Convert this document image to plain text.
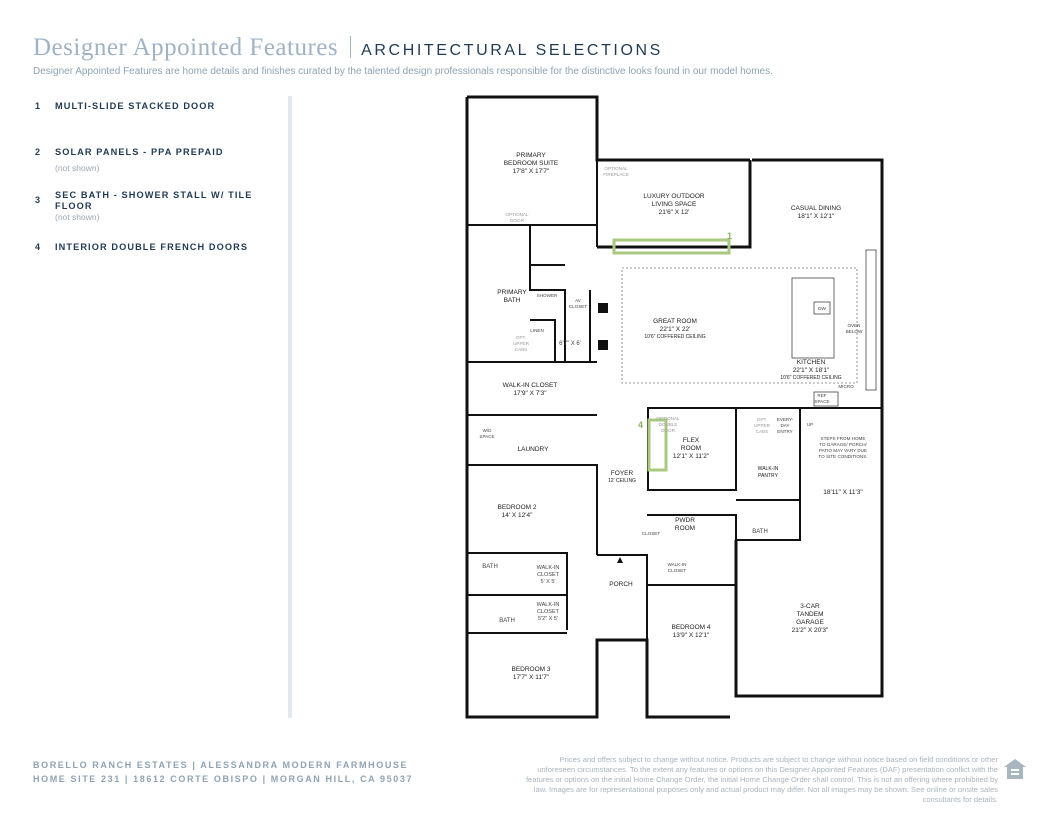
Designer Appointed Features ARCHITECTURAL SELECTIONS
Designer Appointed Features are home details and finishes curated by the talented design professionals responsible for the distinctive looks found in our model homes.
1 MULTI-SLIDE STACKED DOOR
2 SOLAR PANELS - PPA PREPAID
(not shown)
3 SEC BATH - SHOWER STALL W/ TILE FLOOR
(not shown)
4 INTERIOR DOUBLE FRENCH DOORS
PRIMARY
BEDROOM SUITE
17'8" X 17'7"
LUXURY OUTDOOR
LIVING SPACE
21'6" X 12'
CASUAL DINING
18'1" X 12'1"
PRIMARY
BATH
GREAT ROOM
22'1" X 22'
10'6" COFFERED CEILING
KITCHEN
22'1" X 18'1"
10'6" COFFERED CEILING
WALK-IN CLOSET
17'9" X 7'3"
LAUNDRY
FLEX
ROOM
12'1" X 11'2"
FOYER
12' CEILING
WALK-IN
PANTRY
BEDROOM 2
14' X 12'4"
PWDR
ROOM
BEDROOM 4
13'9" X 12'1"
PORCH
3-CAR
TANDEM
GARAGE
21'2" X 20'3"
18'11" X 11'3"
BEDROOM 3
17'7" X 11'7"
OPTIONAL
FIREPLACE
OPTIONAL
DOOR
SHOWER
AV
CLOSET
LINEN
OPT.
UPPER
CABS
6'7" X 6'
W/D
SPACE
DW
OVEN
BELOW
MICRO
REF
SPACE
OPTIONAL
DOUBLE
DOOR
OPT.
UPPER
CABS
EVERY-
DAY
ENTRY
UP
STEPS FROM HOME
TO GARAGE/ PORCH/
PATIO MAY VARY DUE
TO SITE CONDITIONS.
BATH
BATH
BATH
CLOSET
WALK-IN
CLOSET
WALK-IN
CLOSET
5' X 5'
WALK-IN
CLOSET
5'2" X 5'
1
4
BORELLO RANCH ESTATES | ALESSANDRA MODERN FARMHOUSE
HOME SITE 231 | 18612 CORTE OBISPO | MORGAN HILL, CA 95037
Prices and offers subject to change without notice. Products are subject to change without notice based on field conditions or other unforeseen circumstances. To the extent any features or options on this Designer Appointed Features (DAF) presentation conflict with the features or options on the initial Home Change Order, the initial Home Change Order shall control. This is not an offering where prohibited by law. Images are for representational purposes only and actual product may differ. Not all images may be shown. See online or onsite sales consultants for details.
